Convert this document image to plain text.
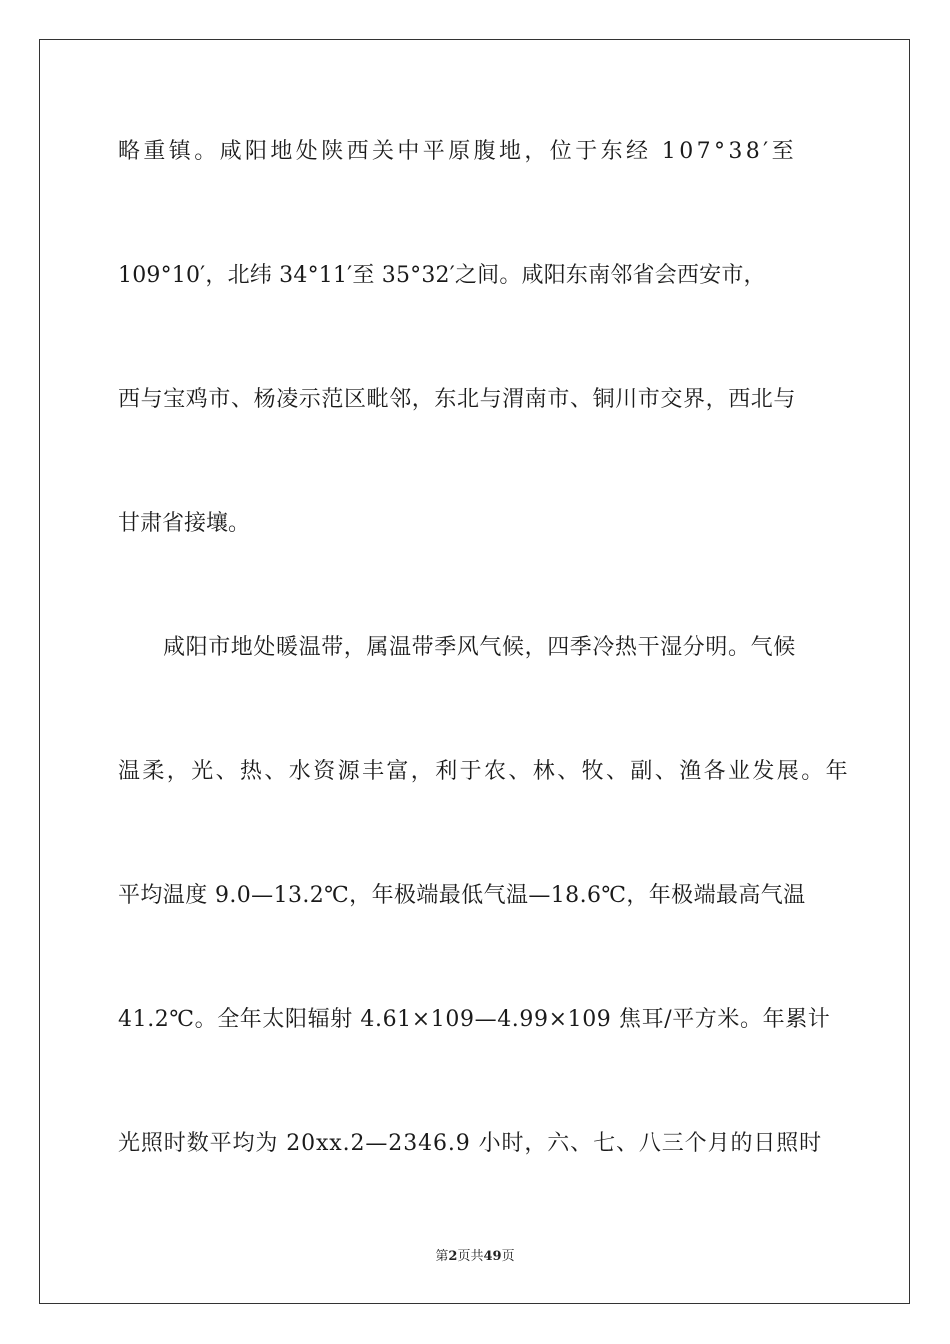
略重镇。咸阳地处陕西关中平原腹地，位于东经 107°38′至

109°10′，北纬 34°11′至 35°32′之间。咸阳东南邻省会西安市，

西与宝鸡市、杨凌示范区毗邻，东北与渭南市、铜川市交界，西北与

甘肃省接壤。

咸阳市地处暖温带，属温带季风气候，四季冷热干湿分明。气候

温柔，光、热、水资源丰富，利于农、林、牧、副、渔各业发展。年

平均温度 9.0—13.2℃，年极端最低气温—18.6℃，年极端最高气温

41.2℃。全年太阳辐射 4.61×109—4.99×109 焦耳/平方米。年累计

光照时数平均为 20xx.2—2346.9 小时，六、七、八三个月的日照时

第2页共49页
